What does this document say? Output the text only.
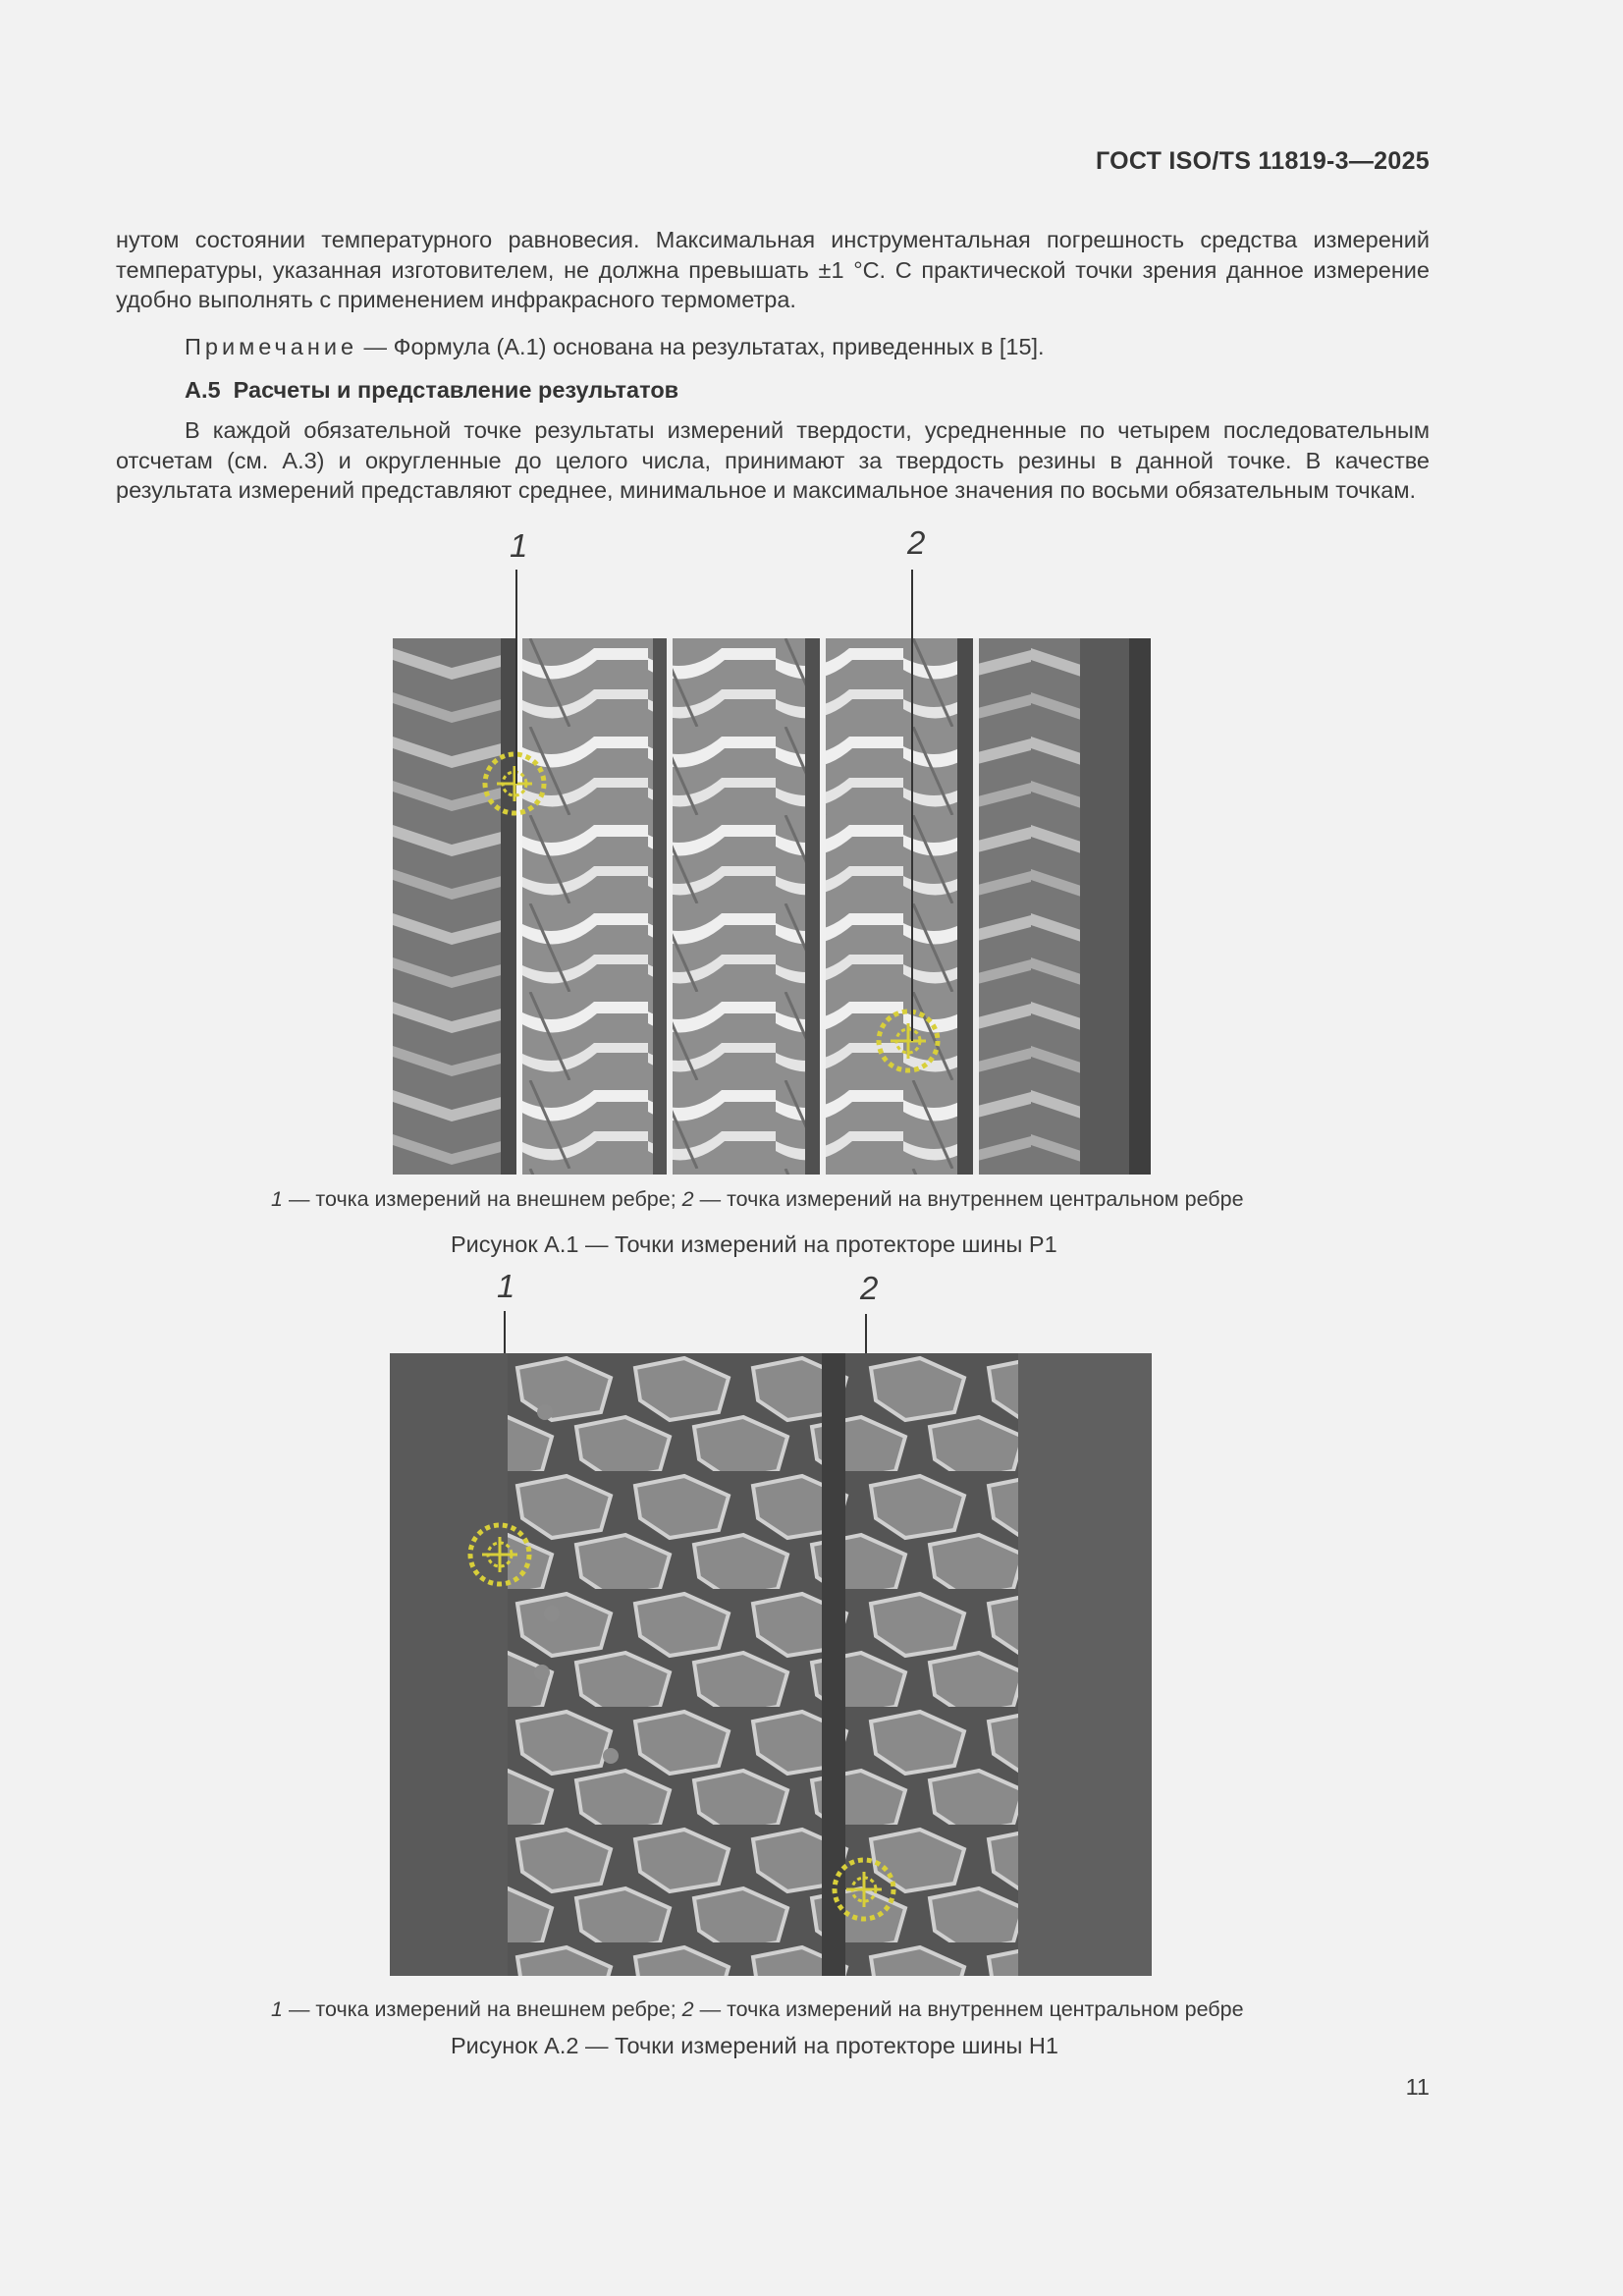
ГОСТ ISO/TS 11819-3—2025

нутом состоянии температурного равновесия. Максимальная инструментальная погрешность средства измерений температуры, указанная изготовителем, не должна превышать ±1 °С. С практической точки зрения данное измерение удобно выполнять с применением инфракрасного термометра.

Примечание — Формула (А.1) основана на результатах, приведенных в [15].
А.5 Расчеты и представление результатов

В каждой обязательной точке результаты измерений твердости, усредненные по четырем последовательным отсчетам (см. А.3) и округленные до целого числа, принимают за твердость резины в данной точке. В качестве результата измерений представляют среднее, минимальное и максимальное значения по восьми обязательным точкам.

1	2
1 — точка измерений на внешнем ребре; 2 — точка измерений на внутреннем центральном ребре
Рисунок А.1 — Точки измерений на протекторе шины Р1
1	2
1 — точка измерений на внешнем ребре; 2 — точка измерений на внутреннем центральном ребре
Рисунок А.2 — Точки измерений на протекторе шины Н1
11
